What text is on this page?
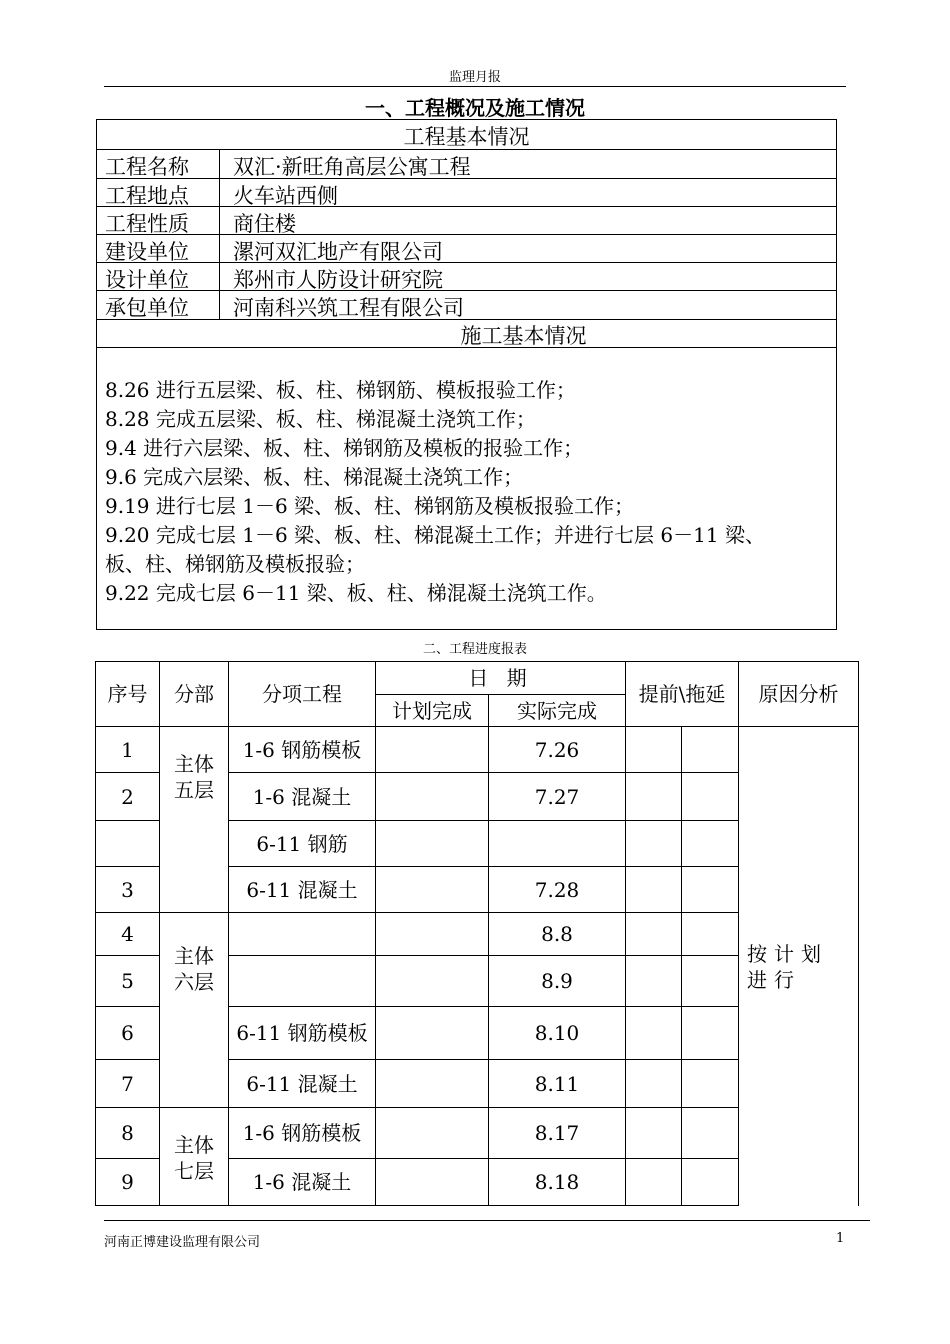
监理月报
一、工程概况及施工情况
工程基本情况
工程名称 双汇·新旺角高层公寓工程
工程地点 火车站西侧
工程性质 商住楼
建设单位 漯河双汇地产有限公司
设计单位 郑州市人防设计研究院
承包单位 河南科兴筑工程有限公司
施工基本情况
8.26 进行五层梁、板、柱、梯钢筋、模板报验工作；
8.28 完成五层梁、板、柱、梯混凝土浇筑工作；
9.4 进行六层梁、板、柱、梯钢筋及模板的报验工作；
9.6 完成六层梁、板、柱、梯混凝土浇筑工作；
9.19 进行七层 1－6 梁、板、柱、梯钢筋及模板报验工作；
9.20 完成七层 1－6 梁、板、柱、梯混凝土工作；并进行七层 6－11 梁、
板、柱、梯钢筋及模板报验；
9.22 完成七层 6－11 梁、板、柱、梯混凝土浇筑工作。
二、工程进度报表
序号	分部	分项工程	日 期		提前\拖延		原因分析
			计划完成	实际完成			
1	主体五层	1-6 钢筋模板		7.26			按计划进行
2		1-6 混凝土		7.27			
		6-11 钢筋					
3		6-11 混凝土		7.28			
4	主体六层			8.8			
5				8.9			
6		6-11 钢筋模板		8.10			
7		6-11 混凝土		8.11			
8	主体七层	1-6 钢筋模板		8.17			
9		1-6 混凝土		8.18			
河南正博建设监理有限公司	1
